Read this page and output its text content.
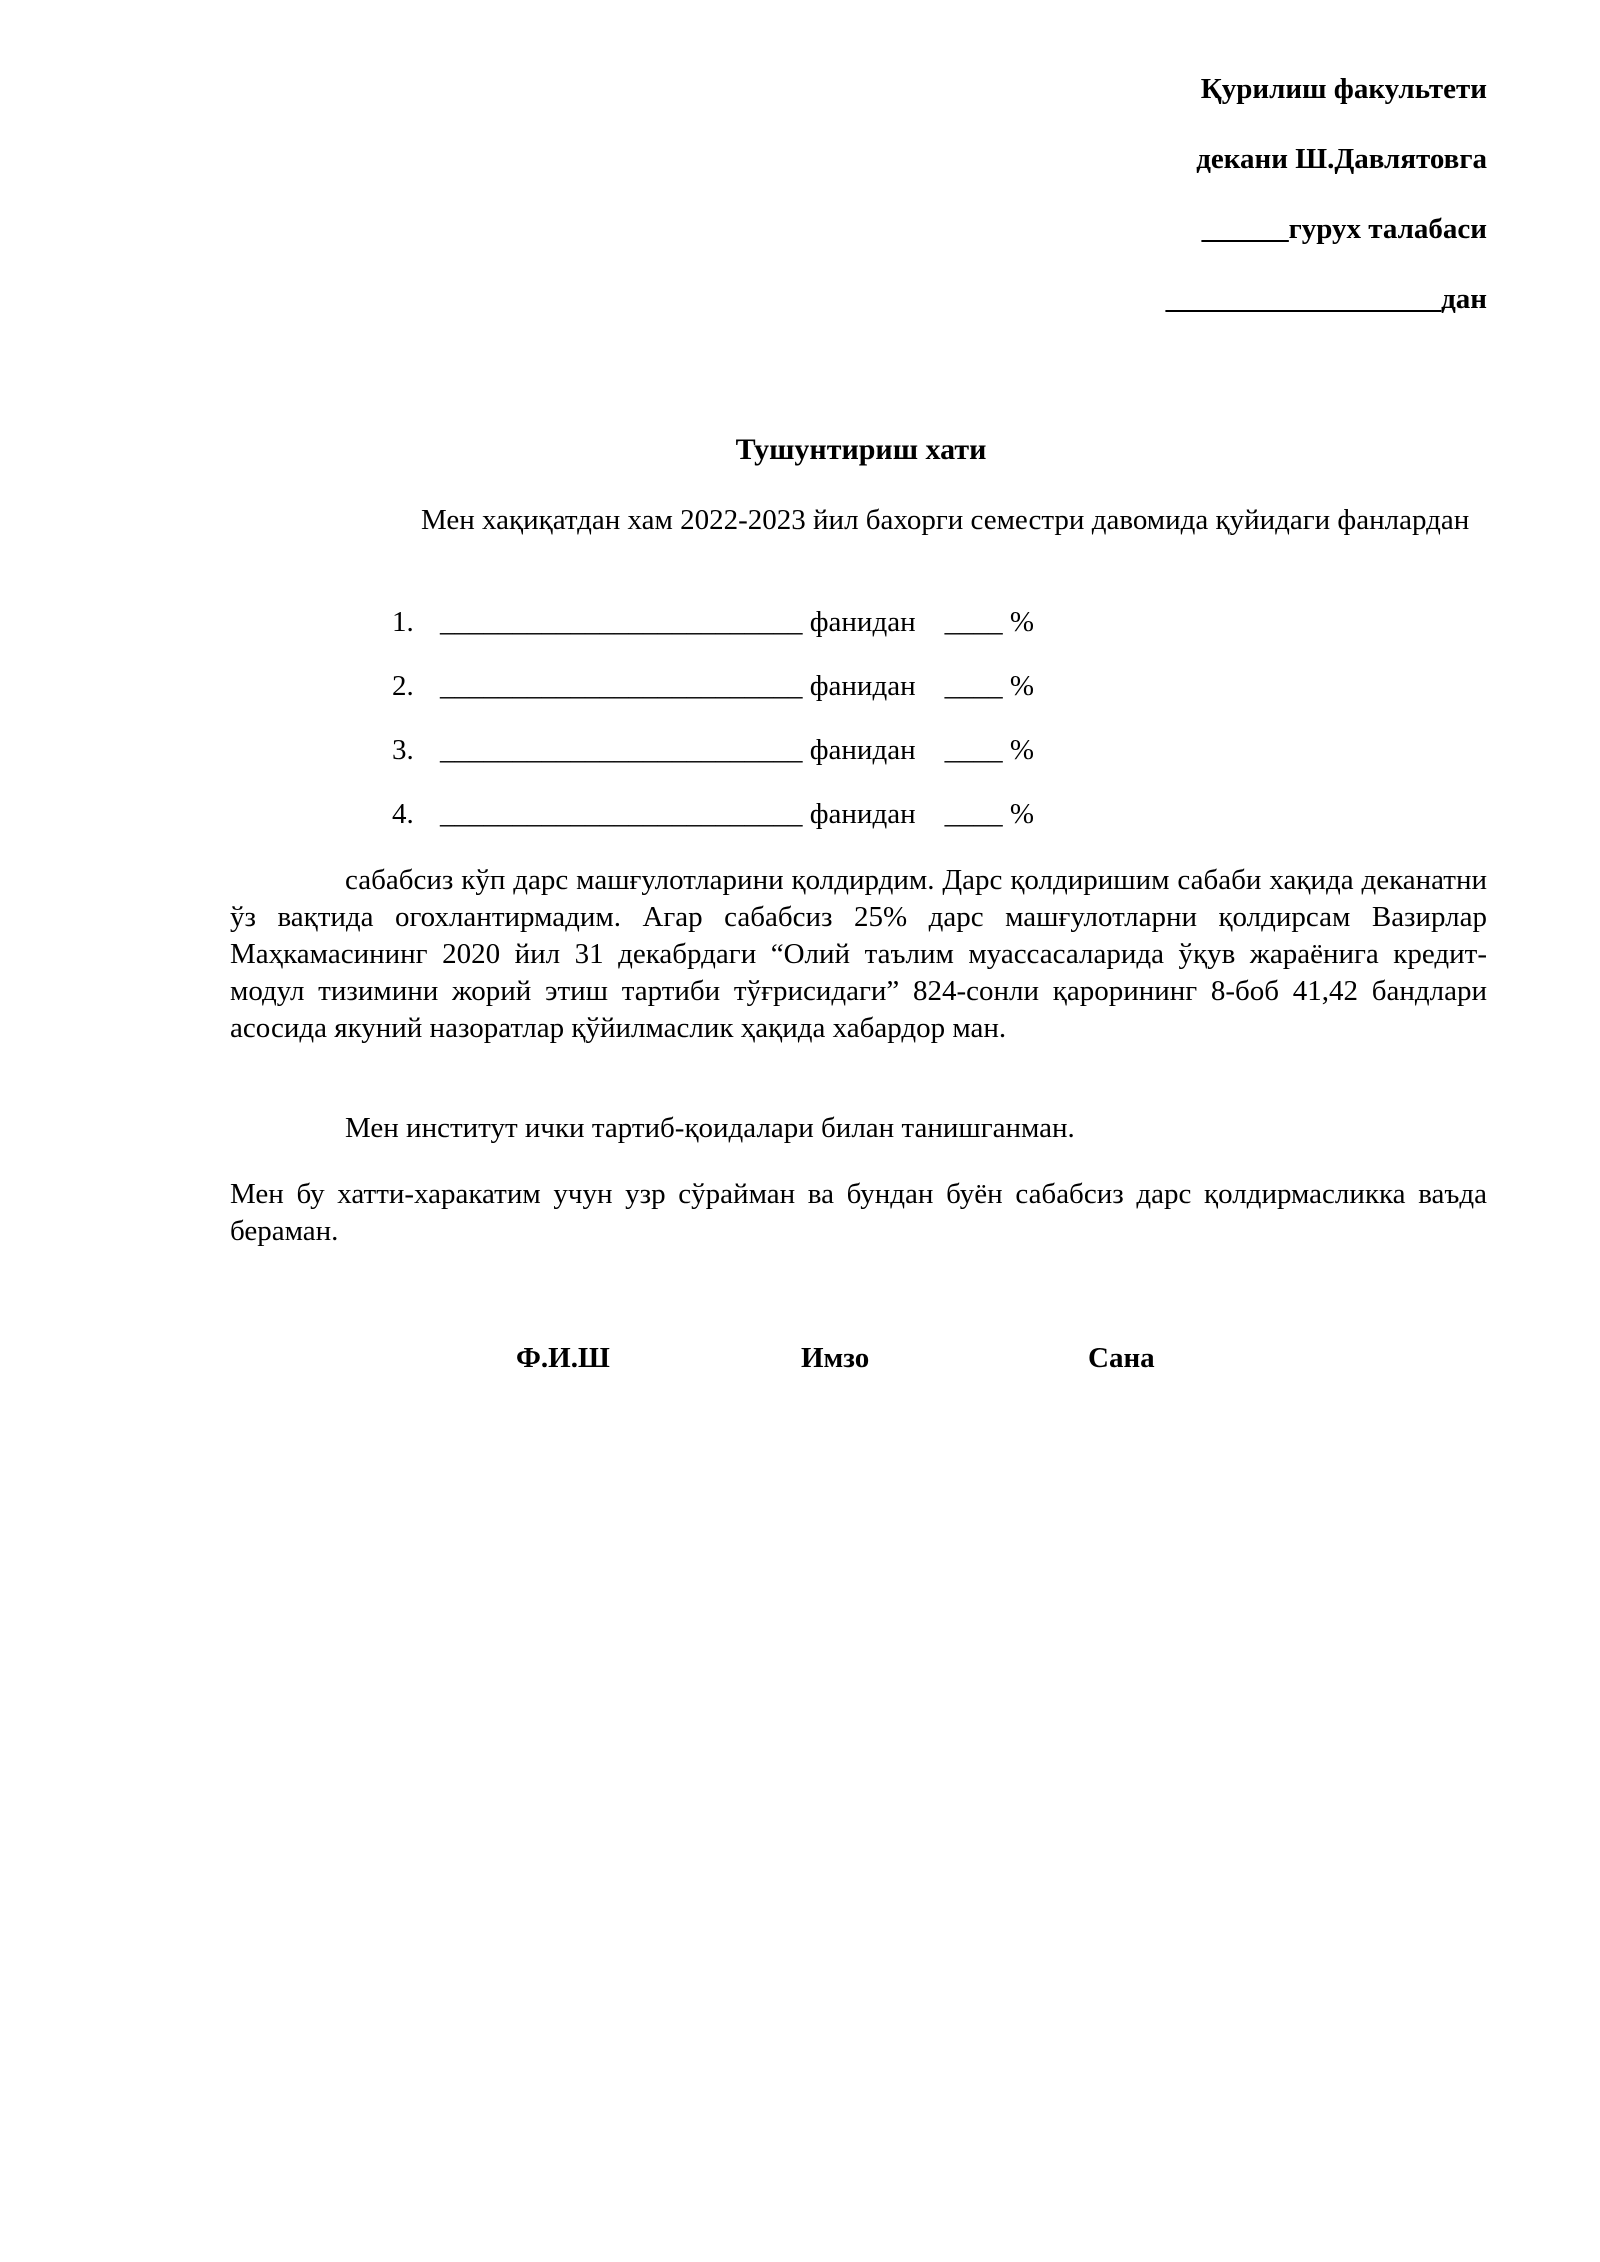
Қурилиш факультети
декани Ш.Давлятовга
______гурух талабаси
___________________дан
Тушунтириш хати

Мен хақиқатдан хам 2022-2023 йил бахорги семестри давомида қуйидаги фанлардан

1. _________________________ фанидан    ____ %
2. _________________________ фанидан    ____ %
3. _________________________ фанидан    ____ %
4. _________________________ фанидан    ____ %

сабабсиз кўп дарс машғулотларини қолдирдим. Дарс қолдиришим сабаби хақида деканатни ўз вақтида огохлантирмадим. Агар сабабсиз 25% дарс машғулотларни қолдирсам Вазирлар Маҳкамасининг 2020 йил 31 декабрдаги “Олий таълим муассасаларида ўқув жараёнига кредит-модул тизимини жорий этиш тартиби тўғрисидаги” 824-сонли қарорининг 8-боб 41,42 бандлари асосида якуний назоратлар қўйилмаслик ҳақида хабардор ман.

Мен институт ички тартиб-қоидалари билан танишганман.

Мен бу хатти-харакатим учун узр сўрайман ва бундан буён сабабсиз дарс қолдирмасликка ваъда бераман.

Ф.И.Ш	Имзо	Сана
